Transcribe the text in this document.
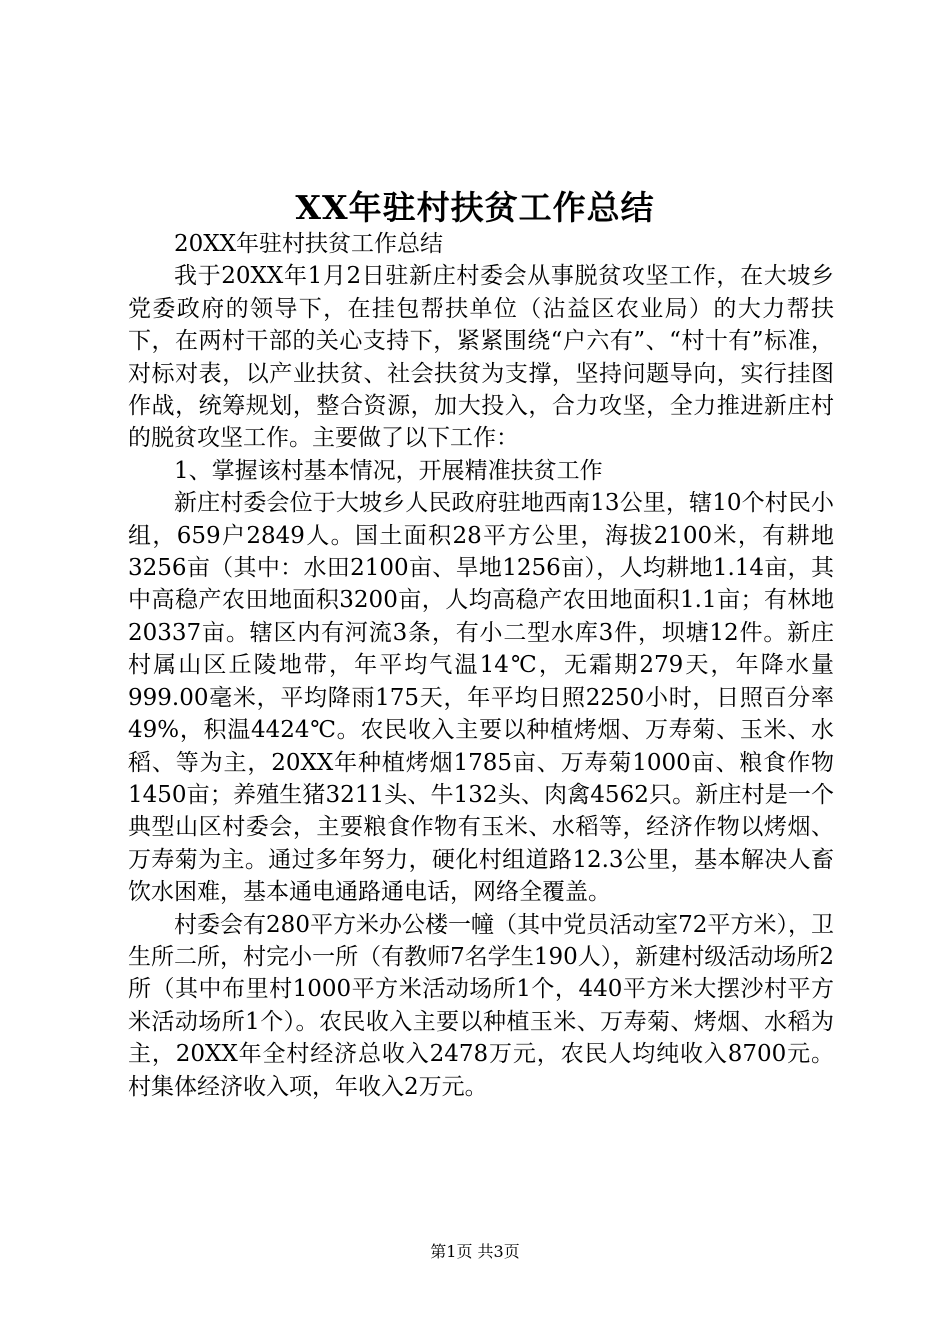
XX年驻村扶贫工作总结

20XX年驻村扶贫工作总结

我于20XX年1月2日驻新庄村委会从事脱贫攻坚工作，在大坡乡党委政府的领导下，在挂包帮扶单位（沾益区农业局）的大力帮扶下，在两村干部的关心支持下，紧紧围绕“户六有”、“村十有”标准，对标对表，以产业扶贫、社会扶贫为支撑，坚持问题导向，实行挂图作战，统筹规划，整合资源，加大投入，合力攻坚，全力推进新庄村的脱贫攻坚工作。主要做了以下工作：

1、掌握该村基本情况，开展精准扶贫工作

新庄村委会位于大坡乡人民政府驻地西南13公里，辖10个村民小组，659户2849人。国土面积28平方公里，海拔2100米，有耕地3256亩（其中：水田2100亩、旱地1256亩），人均耕地1.14亩，其中高稳产农田地面积3200亩，人均高稳产农田地面积1.1亩；有林地20337亩。辖区内有河流3条，有小二型水库3件，坝塘12件。新庄村属山区丘陵地带，年平均气温14℃，无霜期279天，年降水量999.00毫米，平均降雨175天，年平均日照2250小时，日照百分率49%，积温4424℃。农民收入主要以种植烤烟、万寿菊、玉米、水稻、等为主，20XX年种植烤烟1785亩、万寿菊1000亩、粮食作物1450亩；养殖生猪3211头、牛132头、肉禽4562只。新庄村是一个典型山区村委会，主要粮食作物有玉米、水稻等，经济作物以烤烟、万寿菊为主。通过多年努力，硬化村组道路12.3公里，基本解决人畜饮水困难，基本通电通路通电话，网络全覆盖。

村委会有280平方米办公楼一幢（其中党员活动室72平方米），卫生所二所，村完小一所（有教师7名学生190人），新建村级活动场所2所（其中布里村1000平方米活动场所1个，440平方米大摆沙村平方米活动场所1个）。农民收入主要以种植玉米、万寿菊、烤烟、水稻为主，20XX年全村经济总收入2478万元，农民人均纯收入8700元。村集体经济收入项，年收入2万元。

第1页 共3页
